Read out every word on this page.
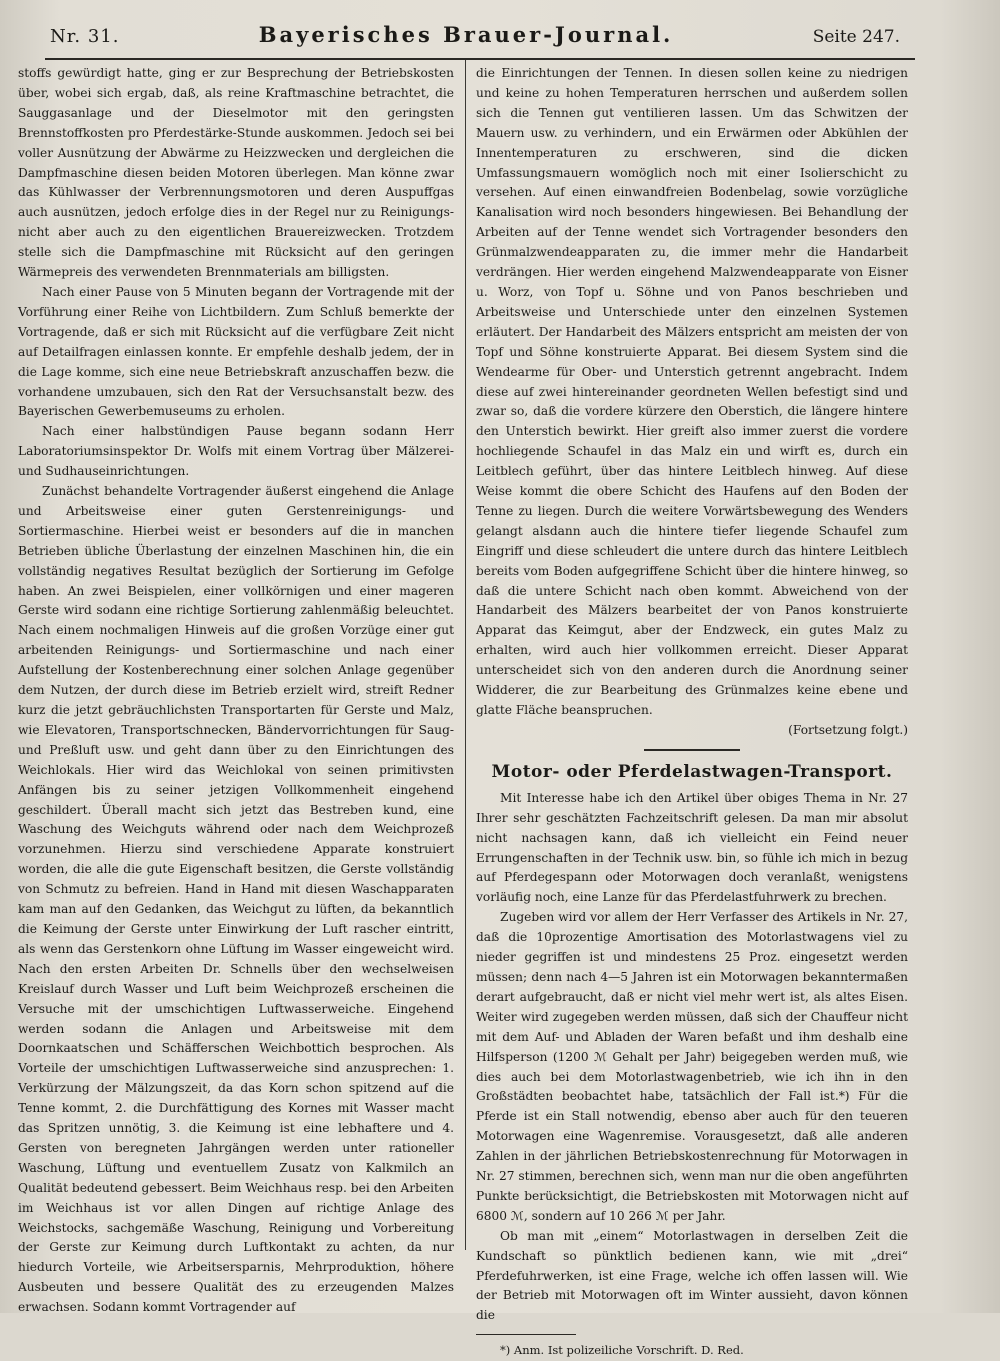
Nr. 31.	Bayerisches Brauer-Journal.	Seite 247.

stoffs gewürdigt hatte, ging er zur Besprechung der Betriebskosten über, wobei sich ergab, daß, als reine Kraftmaschine betrachtet, die Sauggasanlage und der Dieselmotor mit den geringsten Brennstoffkosten pro Pferdestärke-Stunde auskommen. Jedoch sei bei voller Ausnützung der Abwärme zu Heizzwecken und dergleichen die Dampfmaschine diesen beiden Motoren überlegen. Man könne zwar das Kühlwasser der Verbrennungsmotoren und deren Auspuffgas auch ausnützen, jedoch erfolge dies in der Regel nur zu Reinigungs- nicht aber auch zu den eigentlichen Brauereizwecken. Trotzdem stelle sich die Dampfmaschine mit Rücksicht auf den geringen Wärmepreis des verwendeten Brennmaterials am billigsten.

Nach einer Pause von 5 Minuten begann der Vortragende mit der Vorführung einer Reihe von Lichtbildern. Zum Schluß bemerkte der Vortragende, daß er sich mit Rücksicht auf die verfügbare Zeit nicht auf Detailfragen einlassen konnte. Er empfehle deshalb jedem, der in die Lage komme, sich eine neue Betriebskraft anzuschaffen bezw. die vorhandene umzubauen, sich den Rat der Versuchsanstalt bezw. des Bayerischen Gewerbemuseums zu erholen.

Nach einer halbstündigen Pause begann sodann Herr Laboratoriumsinspektor Dr. Wolfs mit einem Vortrag über Mälzerei- und Sudhauseinrichtungen.

Zunächst behandelte Vortragender äußerst eingehend die Anlage und Arbeitsweise einer guten Gerstenreinigungs- und Sortiermaschine. Hierbei weist er besonders auf die in manchen Betrieben übliche Überlastung der einzelnen Maschinen hin, die ein vollständig negatives Resultat bezüglich der Sortierung im Gefolge haben. An zwei Beispielen, einer vollkörnigen und einer mageren Gerste wird sodann eine richtige Sortierung zahlenmäßig beleuchtet. Nach einem nochmaligen Hinweis auf die großen Vorzüge einer gut arbeitenden Reinigungs- und Sortiermaschine und nach einer Aufstellung der Kostenberechnung einer solchen Anlage gegenüber dem Nutzen, der durch diese im Betrieb erzielt wird, streift Redner kurz die jetzt gebräuchlichsten Transportarten für Gerste und Malz, wie Elevatoren, Transportschnecken, Bändervorrichtungen für Saug- und Preßluft usw. und geht dann über zu den Einrichtungen des Weichlokals. Hier wird das Weichlokal von seinen primitivsten Anfängen bis zu seiner jetzigen Vollkommenheit eingehend geschildert. Überall macht sich jetzt das Bestreben kund, eine Waschung des Weichguts während oder nach dem Weichprozeß vorzunehmen. Hierzu sind verschiedene Apparate konstruiert worden, die alle die gute Eigenschaft besitzen, die Gerste vollständig von Schmutz zu befreien. Hand in Hand mit diesen Waschapparaten kam man auf den Gedanken, das Weichgut zu lüften, da bekanntlich die Keimung der Gerste unter Einwirkung der Luft rascher eintritt, als wenn das Gerstenkorn ohne Lüftung im Wasser eingeweicht wird. Nach den ersten Arbeiten Dr. Schnells über den wechselweisen Kreislauf durch Wasser und Luft beim Weichprozeß erscheinen die Versuche mit der umschichtigen Luftwasserweiche. Eingehend werden sodann die Anlagen und Arbeitsweise mit dem Doornkaatschen und Schäfferschen Weichbottich besprochen. Als Vorteile der umschichtigen Luftwasserweiche sind anzusprechen: 1. Verkürzung der Mälzungszeit, da das Korn schon spitzend auf die Tenne kommt, 2. die Durchfättigung des Kornes mit Wasser macht das Spritzen unnötig, 3. die Keimung ist eine lebhaftere und 4. Gersten von beregneten Jahrgängen werden unter rationeller Waschung, Lüftung und eventuellem Zusatz von Kalkmilch an Qualität bedeutend gebessert. Beim Weichhaus resp. bei den Arbeiten im Weichhaus ist vor allen Dingen auf richtige Anlage des Weichstocks, sachgemäße Waschung, Reinigung und Vorbereitung der Gerste zur Keimung durch Luftkontakt zu achten, da nur hiedurch Vorteile, wie Arbeitsersparnis, Mehrproduktion, höhere Ausbeuten und bessere Qualität des zu erzeugenden Malzes erwachsen. Sodann kommt Vortragender auf

die Einrichtungen der Tennen. In diesen sollen keine zu niedrigen und keine zu hohen Temperaturen herrschen und außerdem sollen sich die Tennen gut ventilieren lassen. Um das Schwitzen der Mauern usw. zu verhindern, und ein Erwärmen oder Abkühlen der Innentemperaturen zu erschweren, sind die dicken Umfassungsmauern womöglich noch mit einer Isolierschicht zu versehen. Auf einen einwandfreien Bodenbelag, sowie vorzügliche Kanalisation wird noch besonders hingewiesen. Bei Behandlung der Arbeiten auf der Tenne wendet sich Vortragender besonders den Grünmalzwendeapparaten zu, die immer mehr die Handarbeit verdrängen. Hier werden eingehend Malzwendeapparate von Eisner u. Worz, von Topf u. Söhne und von Panos beschrieben und Arbeitsweise und Unterschiede unter den einzelnen Systemen erläutert. Der Handarbeit des Mälzers entspricht am meisten der von Topf und Söhne konstruierte Apparat. Bei diesem System sind die Wendearme für Ober- und Unterstich getrennt angebracht. Indem diese auf zwei hintereinander geordneten Wellen befestigt sind und zwar so, daß die vordere kürzere den Oberstich, die längere hintere den Unterstich bewirkt. Hier greift also immer zuerst die vordere hochliegende Schaufel in das Malz ein und wirft es, durch ein Leitblech geführt, über das hintere Leitblech hinweg. Auf diese Weise kommt die obere Schicht des Haufens auf den Boden der Tenne zu liegen. Durch die weitere Vorwärtsbewegung des Wenders gelangt alsdann auch die hintere tiefer liegende Schaufel zum Eingriff und diese schleudert die untere durch das hintere Leitblech bereits vom Boden aufgegriffene Schicht über die hintere hinweg, so daß die untere Schicht nach oben kommt. Abweichend von der Handarbeit des Mälzers bearbeitet der von Panos konstruierte Apparat das Keimgut, aber der Endzweck, ein gutes Malz zu erhalten, wird auch hier vollkommen erreicht. Dieser Apparat unterscheidet sich von den anderen durch die Anordnung seiner Widderer, die zur Bearbeitung des Grünmalzes keine ebene und glatte Fläche beanspruchen.

(Fortsetzung folgt.)
Motor- oder Pferdelastwagen-Transport.

Mit Interesse habe ich den Artikel über obiges Thema in Nr. 27 Ihrer sehr geschätzten Fachzeitschrift gelesen. Da man mir absolut nicht nachsagen kann, daß ich vielleicht ein Feind neuer Errungenschaften in der Technik usw. bin, so fühle ich mich in bezug auf Pferdegespann oder Motorwagen doch veranlaßt, wenigstens vorläufig noch, eine Lanze für das Pferdelastfuhrwerk zu brechen.

Zugeben wird vor allem der Herr Verfasser des Artikels in Nr. 27, daß die 10prozentige Amortisation des Motorlastwagens viel zu nieder gegriffen ist und mindestens 25 Proz. eingesetzt werden müssen; denn nach 4—5 Jahren ist ein Motorwagen bekanntermaßen derart aufgebraucht, daß er nicht viel mehr wert ist, als altes Eisen. Weiter wird zugegeben werden müssen, daß sich der Chauffeur nicht mit dem Auf- und Abladen der Waren befaßt und ihm deshalb eine Hilfsperson (1200 ℳ Gehalt per Jahr) beigegeben werden muß, wie dies auch bei dem Motorlastwagenbetrieb, wie ich ihn in den Großstädten beobachtet habe, tatsächlich der Fall ist.*) Für die Pferde ist ein Stall notwendig, ebenso aber auch für den teueren Motorwagen eine Wagenremise. Vorausgesetzt, daß alle anderen Zahlen in der jährlichen Betriebskostenrechnung für Motorwagen in Nr. 27 stimmen, berechnen sich, wenn man nur die oben angeführten Punkte berücksichtigt, die Betriebskosten mit Motorwagen nicht auf 6800 ℳ, sondern auf 10 266 ℳ per Jahr.

Ob man mit „einem“ Motorlastwagen in derselben Zeit die Kundschaft so pünktlich bedienen kann, wie mit „drei“ Pferdefuhrwerken, ist eine Frage, welche ich offen lassen will. Wie der Betrieb mit Motorwagen oft im Winter aussieht, davon können die

*) Anm. Ist polizeiliche Vorschrift. D. Red.
